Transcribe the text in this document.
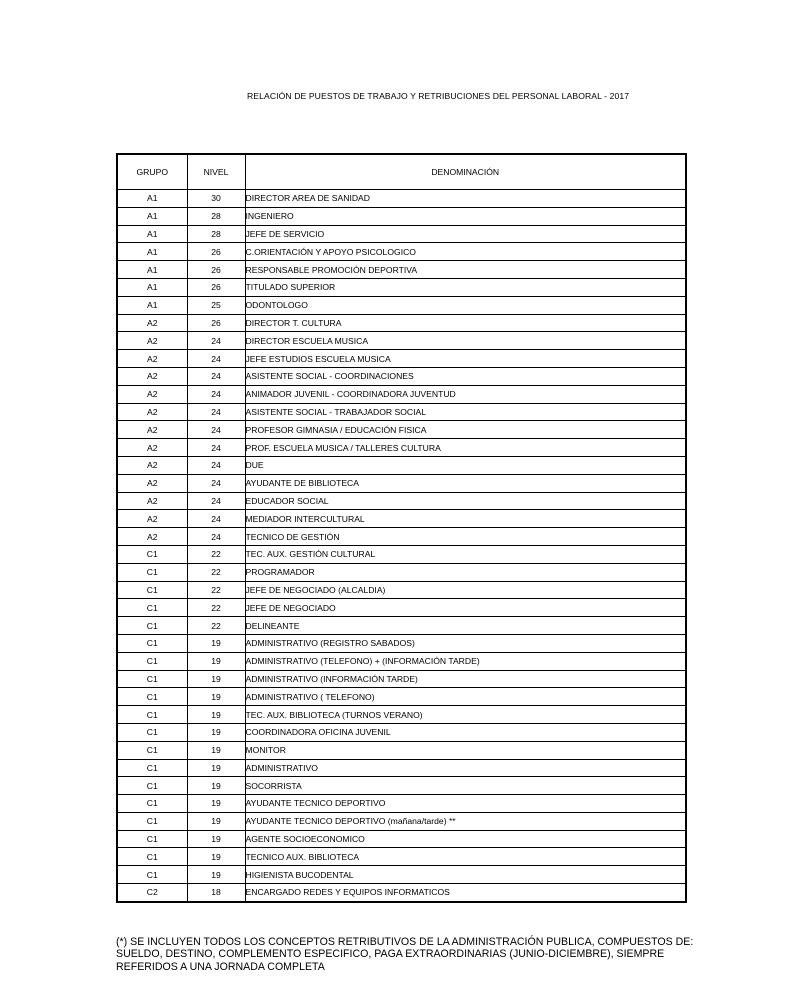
RELACIÓN DE PUESTOS DE TRABAJO Y RETRIBUCIONES DEL PERSONAL LABORAL - 2017
GRUPO	NIVEL	DENOMINACIÓN
A1	30	DIRECTOR AREA DE SANIDAD
A1	28	INGENIERO
A1	28	JEFE DE SERVICIO
A1	26	C.ORIENTACIÓN Y APOYO PSICOLOGICO
A1	26	RESPONSABLE PROMOCIÓN DEPORTIVA
A1	26	TITULADO SUPERIOR
A1	25	ODONTOLOGO
A2	26	DIRECTOR T. CULTURA
A2	24	DIRECTOR ESCUELA MUSICA
A2	24	JEFE ESTUDIOS ESCUELA MUSICA
A2	24	ASISTENTE SOCIAL - COORDINACIONES
A2	24	ANIMADOR JUVENIL - COORDINADORA JUVENTUD
A2	24	ASISTENTE SOCIAL - TRABAJADOR SOCIAL
A2	24	PROFESOR GIMNASIA / EDUCACIÓN FISICA
A2	24	PROF. ESCUELA MUSICA / TALLERES CULTURA
A2	24	DUE
A2	24	AYUDANTE DE BIBLIOTECA
A2	24	EDUCADOR SOCIAL
A2	24	MEDIADOR INTERCULTURAL
A2	24	TECNICO DE GESTIÓN
C1	22	TEC. AUX. GESTIÓN CULTURAL
C1	22	PROGRAMADOR
C1	22	JEFE DE NEGOCIADO (ALCALDIA)
C1	22	JEFE DE NEGOCIADO
C1	22	DELINEANTE
C1	19	ADMINISTRATIVO (REGISTRO SABADOS)
C1	19	ADMINISTRATIVO (TELEFONO) + (INFORMACIÓN TARDE)
C1	19	ADMINISTRATIVO (INFORMACIÓN TARDE)
C1	19	ADMINISTRATIVO ( TELEFONO)
C1	19	TEC. AUX. BIBLIOTECA (TURNOS VERANO)
C1	19	COORDINADORA OFICINA JUVENIL
C1	19	MONITOR
C1	19	ADMINISTRATIVO
C1	19	SOCORRISTA
C1	19	AYUDANTE TECNICO DEPORTIVO
C1	19	AYUDANTE TECNICO DEPORTIVO (mañana/tarde) **
C1	19	AGENTE SOCIOECONOMICO
C1	19	TECNICO AUX. BIBLIOTECA
C1	19	HIGIENISTA BUCODENTAL
C2	18	ENCARGADO REDES Y EQUIPOS INFORMATICOS
(*) SE INCLUYEN TODOS LOS CONCEPTOS RETRIBUTIVOS DE LA ADMINISTRACIÓN PUBLICA, COMPUESTOS DE: SUELDO, DESTINO, COMPLEMENTO ESPECIFICO, PAGA EXTRAORDINARIAS (JUNIO-DICIEMBRE), SIEMPRE REFERIDOS A UNA JORNADA COMPLETA
